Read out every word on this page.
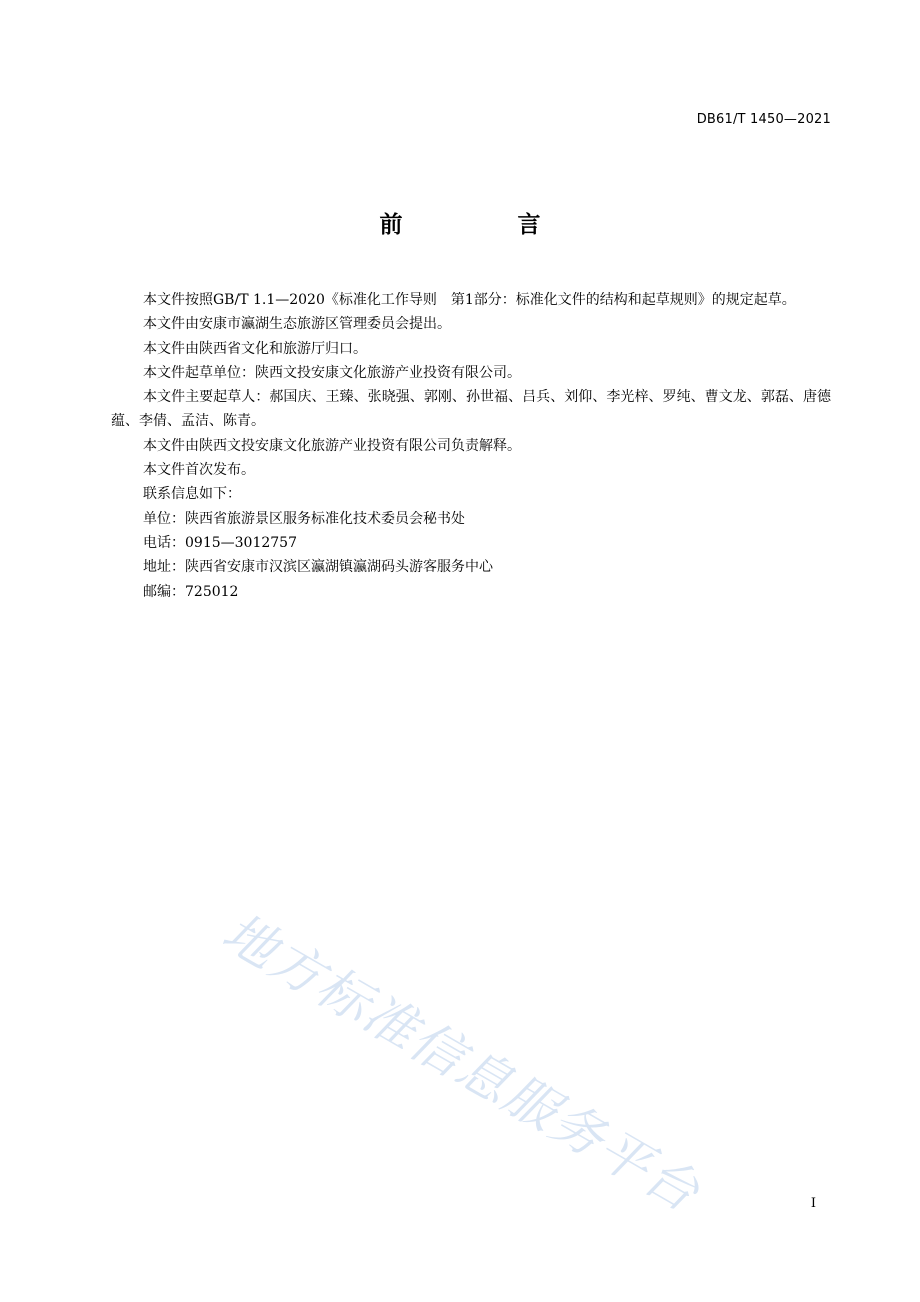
DB61/T 1450—2021
前　言

本文件按照GB/T 1.1—2020《标准化工作导则　第1部分：标准化文件的结构和起草规则》的规定起草。

本文件由安康市瀛湖生态旅游区管理委员会提出。

本文件由陕西省文化和旅游厅归口。

本文件起草单位：陕西文投安康文化旅游产业投资有限公司。

本文件主要起草人：郝国庆、王臻、张晓强、郭刚、孙世福、吕兵、刘仰、李光梓、罗纯、曹文龙、郭磊、唐德蕴、李倩、孟洁、陈青。

本文件由陕西文投安康文化旅游产业投资有限公司负责解释。

本文件首次发布。

联系信息如下：

单位：陕西省旅游景区服务标准化技术委员会秘书处

电话：0915—3012757

地址：陕西省安康市汉滨区瀛湖镇瀛湖码头游客服务中心

邮编：725012

地方标准信息服务平台	I
